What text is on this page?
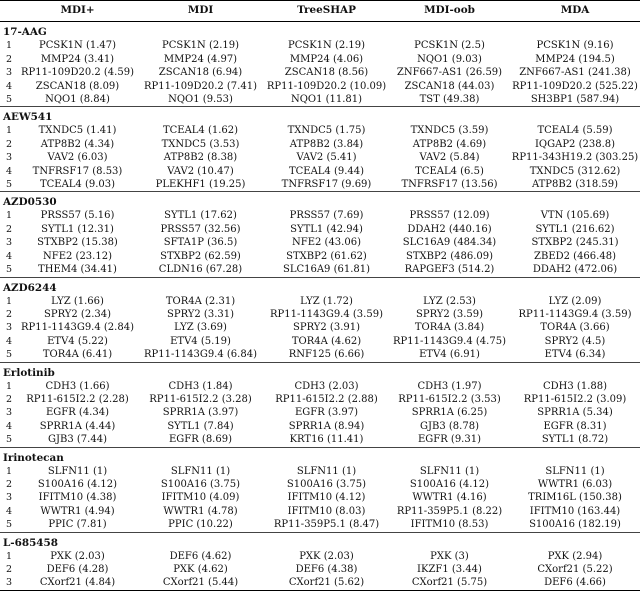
	MDI+	MDI	TreeSHAP	MDI-oob	MDA
17-AAG					
1	PCSK1N (1.47)	PCSK1N (2.19)	PCSK1N (2.19)	PCSK1N (2.5)	PCSK1N (9.16)
2	MMP24 (3.41)	MMP24 (4.97)	MMP24 (4.06)	NQO1 (9.03)	MMP24 (194.5)
3	RP11-109D20.2 (4.59)	ZSCAN18 (6.94)	ZSCAN18 (8.56)	ZNF667-AS1 (26.59)	ZNF667-AS1 (241.38)
4	ZSCAN18 (8.09)	RP11-109D20.2 (7.41)	RP11-109D20.2 (10.09)	ZSCAN18 (44.03)	RP11-109D20.2 (525.22)
5	NQO1 (8.84)	NQO1 (9.53)	NQO1 (11.81)	TST (49.38)	SH3BP1 (587.94)
AEW541					
1	TXNDC5 (1.41)	TCEAL4 (1.62)	TXNDC5 (1.75)	TXNDC5 (3.59)	TCEAL4 (5.59)
2	ATP8B2 (4.34)	TXNDC5 (3.53)	ATP8B2 (3.84)	ATP8B2 (4.69)	IQGAP2 (238.8)
3	VAV2 (6.03)	ATP8B2 (8.38)	VAV2 (5.41)	VAV2 (5.84)	RP11-343H19.2 (303.25)
4	TNFRSF17 (8.53)	VAV2 (10.47)	TCEAL4 (9.44)	TCEAL4 (6.5)	TXNDC5 (312.62)
5	TCEAL4 (9.03)	PLEKHF1 (19.25)	TNFRSF17 (9.69)	TNFRSF17 (13.56)	ATP8B2 (318.59)
AZD0530					
1	PRSS57 (5.16)	SYTL1 (17.62)	PRSS57 (7.69)	PRSS57 (12.09)	VTN (105.69)
2	SYTL1 (12.31)	PRSS57 (32.56)	SYTL1 (42.94)	DDAH2 (440.16)	SYTL1 (216.62)
3	STXBP2 (15.38)	SFTA1P (36.5)	NFE2 (43.06)	SLC16A9 (484.34)	STXBP2 (245.31)
4	NFE2 (23.12)	STXBP2 (62.59)	STXBP2 (61.62)	STXBP2 (486.09)	ZBED2 (466.48)
5	THEM4 (34.41)	CLDN16 (67.28)	SLC16A9 (61.81)	RAPGEF3 (514.2)	DDAH2 (472.06)
AZD6244					
1	LYZ (1.66)	TOR4A (2.31)	LYZ (1.72)	LYZ (2.53)	LYZ (2.09)
2	SPRY2 (2.34)	SPRY2 (3.31)	RP11-1143G9.4 (3.59)	SPRY2 (3.59)	RP11-1143G9.4 (3.59)
3	RP11-1143G9.4 (2.84)	LYZ (3.69)	SPRY2 (3.91)	TOR4A (3.84)	TOR4A (3.66)
4	ETV4 (5.22)	ETV4 (5.19)	TOR4A (4.62)	RP11-1143G9.4 (4.75)	SPRY2 (4.5)
5	TOR4A (6.41)	RP11-1143G9.4 (6.84)	RNF125 (6.66)	ETV4 (6.91)	ETV4 (6.34)
Erlotinib					
1	CDH3 (1.66)	CDH3 (1.84)	CDH3 (2.03)	CDH3 (1.97)	CDH3 (1.88)
2	RP11-615I2.2 (2.28)	RP11-615I2.2 (3.28)	RP11-615I2.2 (2.88)	RP11-615I2.2 (3.53)	RP11-615I2.2 (3.09)
3	EGFR (4.34)	SPRR1A (3.97)	EGFR (3.97)	SPRR1A (6.25)	SPRR1A (5.34)
4	SPRR1A (4.44)	SYTL1 (7.84)	SPRR1A (8.94)	GJB3 (8.78)	EGFR (8.31)
5	GJB3 (7.44)	EGFR (8.69)	KRT16 (11.41)	EGFR (9.31)	SYTL1 (8.72)
Irinotecan					
1	SLFN11 (1)	SLFN11 (1)	SLFN11 (1)	SLFN11 (1)	SLFN11 (1)
2	S100A16 (4.12)	S100A16 (3.75)	S100A16 (3.75)	S100A16 (4.12)	WWTR1 (6.03)
3	IFITM10 (4.38)	IFITM10 (4.09)	IFITM10 (4.12)	WWTR1 (4.16)	TRIM16L (150.38)
4	WWTR1 (4.94)	WWTR1 (4.78)	IFITM10 (8.03)	RP11-359P5.1 (8.22)	IFITM10 (163.44)
5	PPIC (7.81)	PPIC (10.22)	RP11-359P5.1 (8.47)	IFITM10 (8.53)	S100A16 (182.19)
L-685458					
1	PXK (2.03)	DEF6 (4.62)	PXK (2.03)	PXK (3)	PXK (2.94)
2	DEF6 (4.28)	PXK (4.62)	DEF6 (4.38)	IKZF1 (3.44)	CXorf21 (5.22)
3	CXorf21 (4.84)	CXorf21 (5.44)	CXorf21 (5.62)	CXorf21 (5.75)	DEF6 (4.66)
